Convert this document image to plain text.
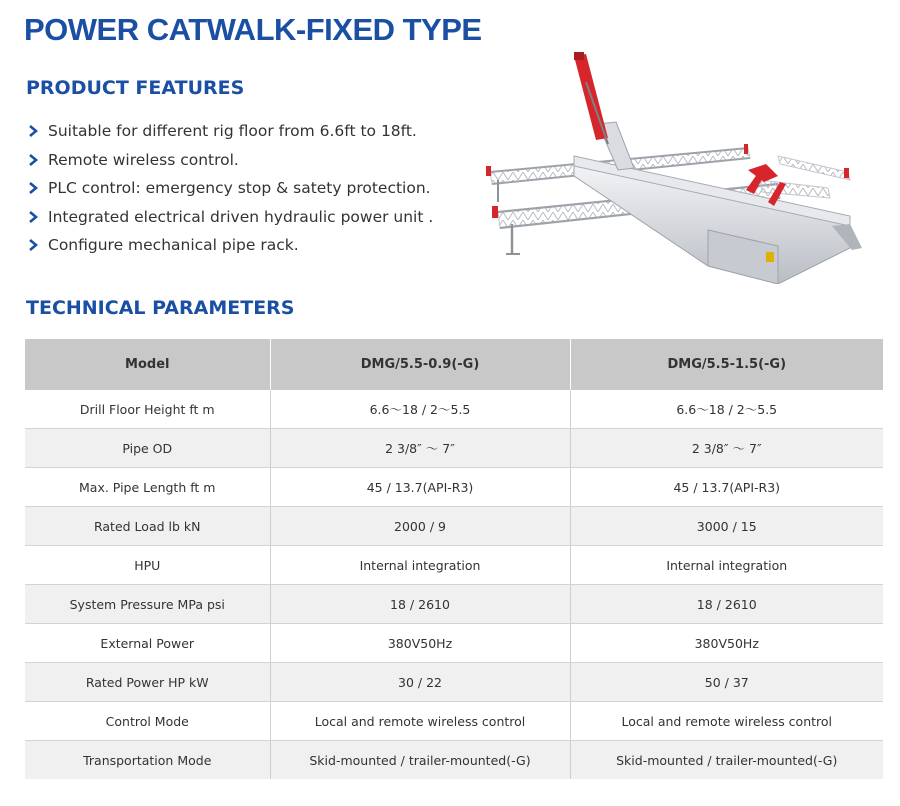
POWER CATWALK-FIXED TYPE
PRODUCT FEATURES
Suitable for different rig floor from 6.6ft to 18ft.
Remote wireless control.
PLC control: emergency stop & satety protection.
Integrated electrical driven hydraulic power unit .
Configure mechanical pipe rack.
TECHNICAL PARAMETERS
Model	DMG/5.5-0.9(-G)	DMG/5.5-1.5(-G)
Drill Floor Height ft m	6.6～18 / 2～5.5	6.6～18 / 2～5.5
Pipe OD	2 3/8″ ～ 7″	2 3/8″ ～ 7″
Max. Pipe Length ft m	45 / 13.7(API-R3)	45 / 13.7(API-R3)
Rated Load lb kN	2000 / 9	3000 / 15
HPU	Internal integration	Internal integration
System Pressure MPa psi	18 / 2610	18 / 2610
External Power	380V50Hz	380V50Hz
Rated Power HP kW	30 / 22	50 / 37
Control Mode	Local and remote wireless control	Local and remote wireless control
Transportation Mode	Skid-mounted / trailer-mounted(-G)	Skid-mounted / trailer-mounted(-G)
